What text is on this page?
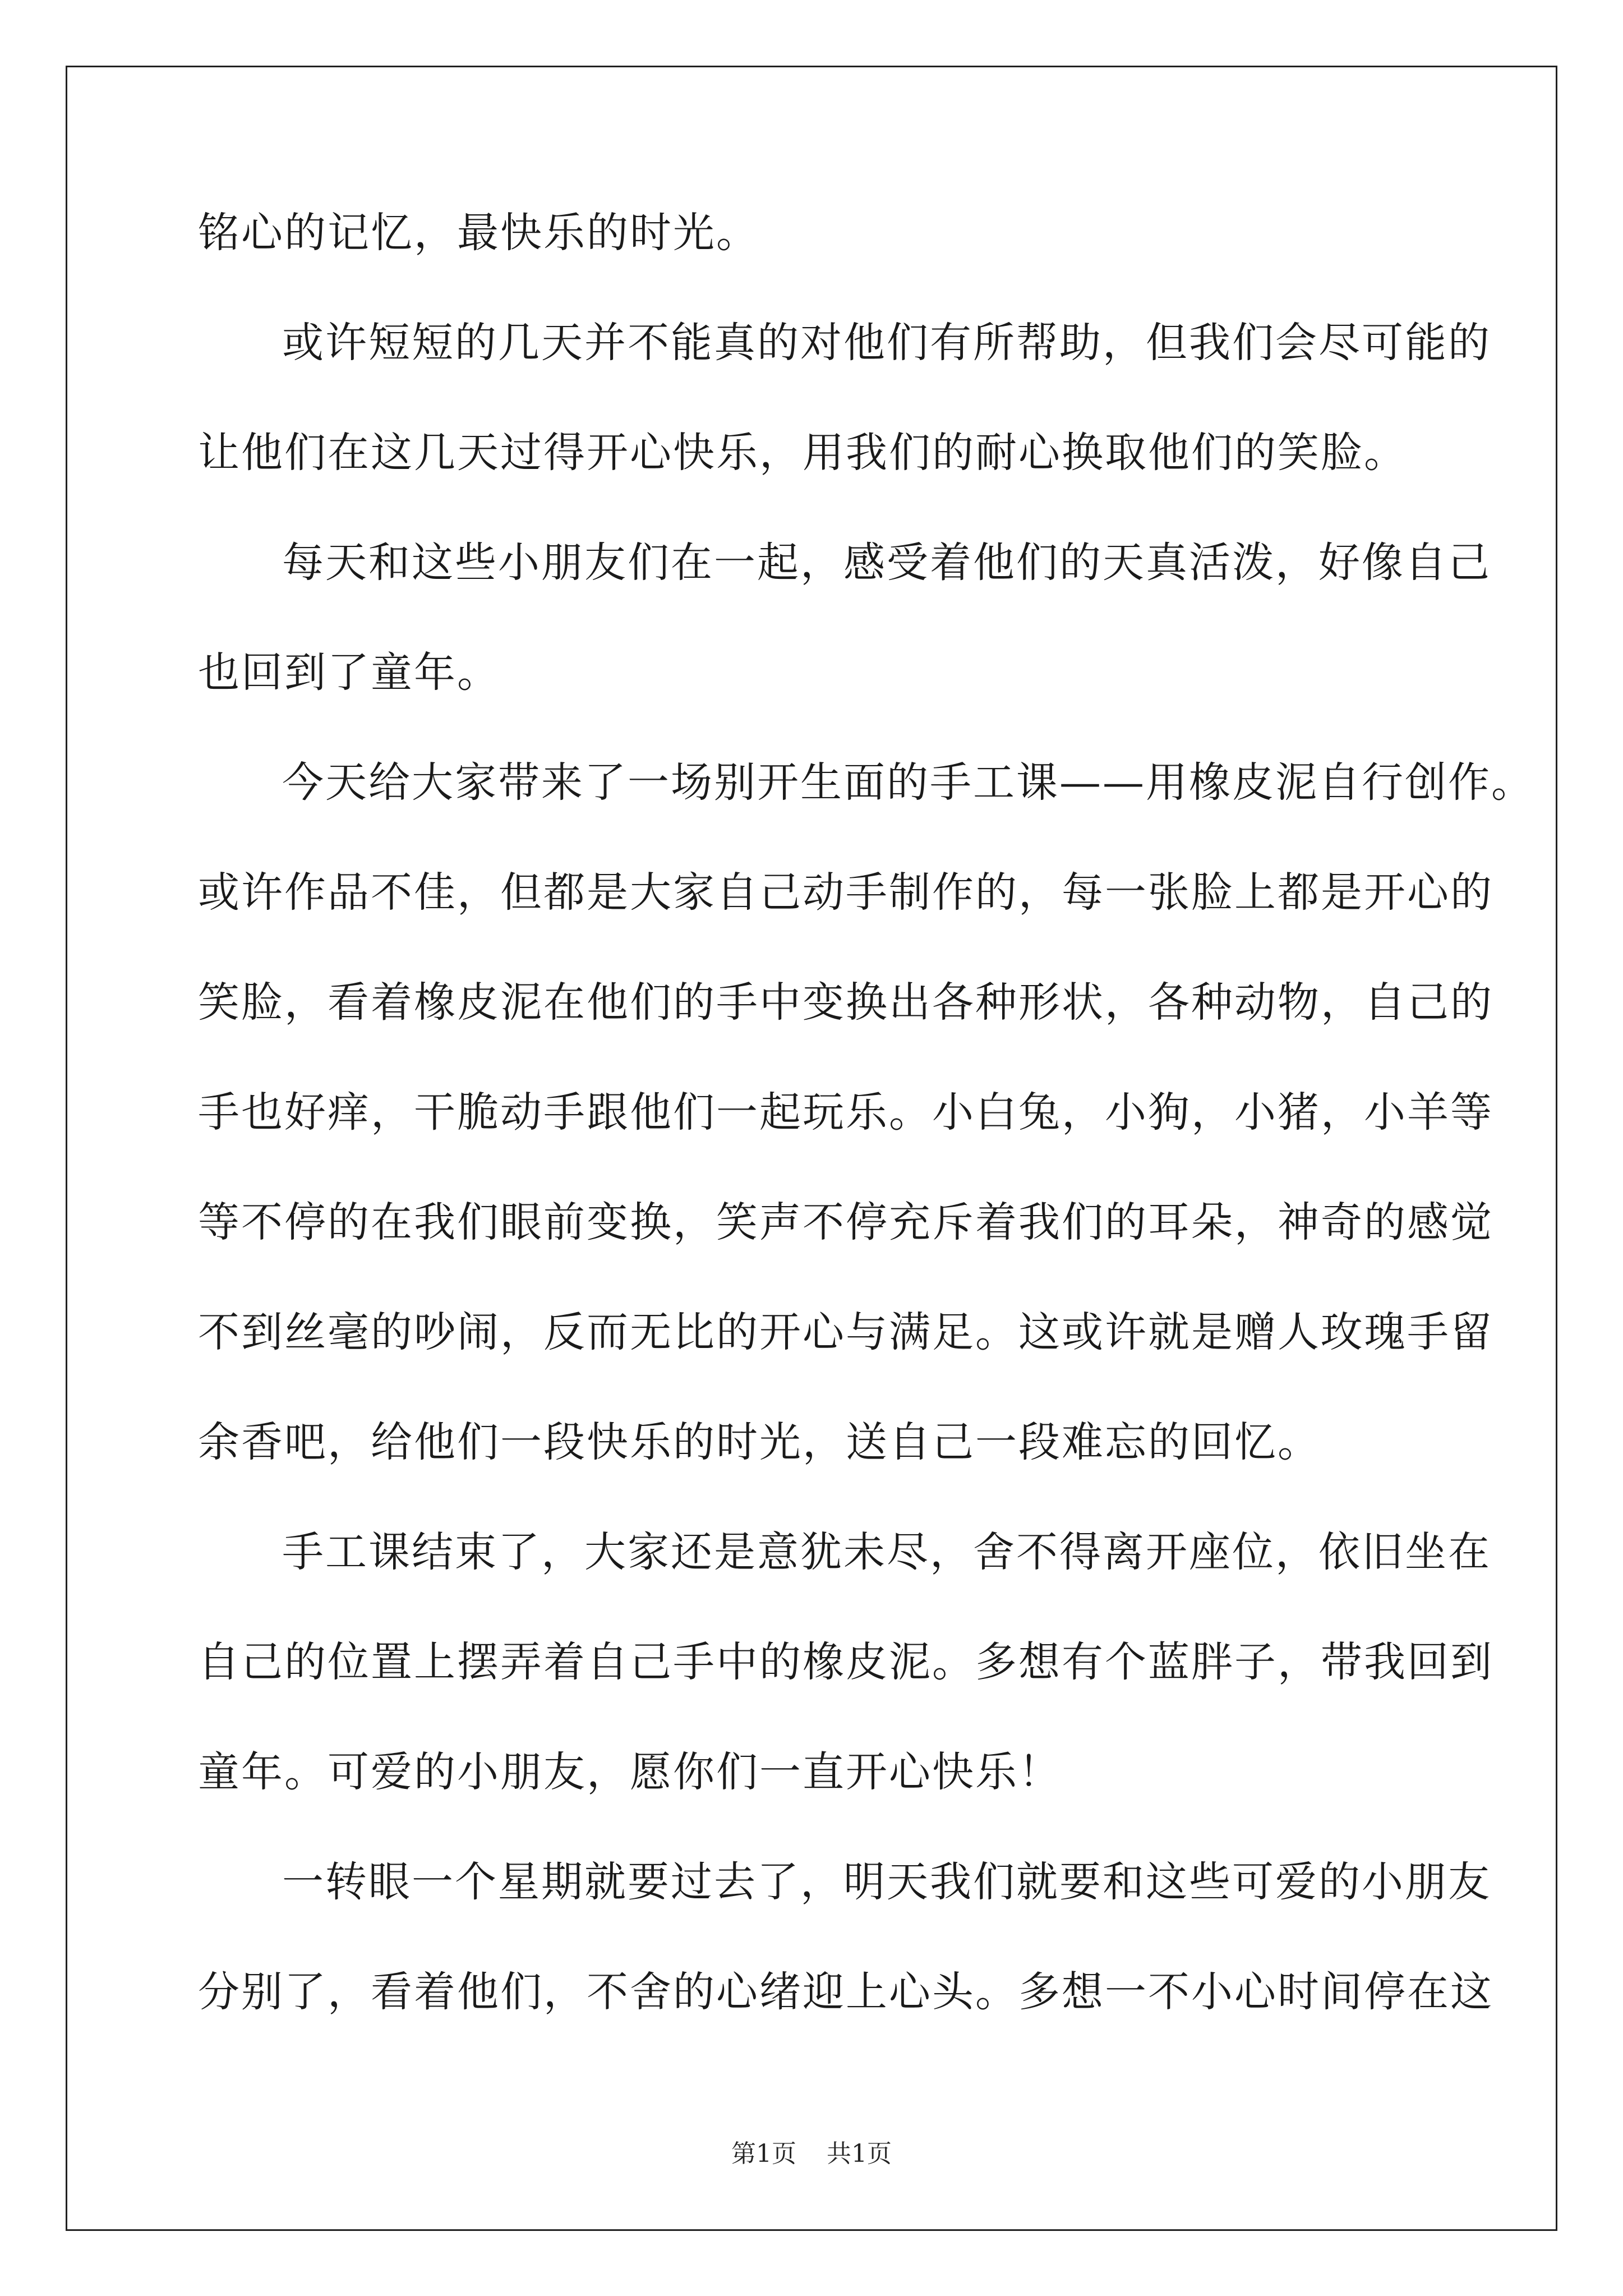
铭心的记忆，最快乐的时光。
或许短短的几天并不能真的对他们有所帮助，但我们会尽可能的
让他们在这几天过得开心快乐，用我们的耐心换取他们的笑脸。
每天和这些小朋友们在一起，感受着他们的天真活泼，好像自己
也回到了童年。
今天给大家带来了一场别开生面的手工课——用橡皮泥自行创作。
或许作品不佳，但都是大家自己动手制作的，每一张脸上都是开心的
笑脸，看着橡皮泥在他们的手中变换出各种形状，各种动物，自己的
手也好痒，干脆动手跟他们一起玩乐。小白兔，小狗，小猪，小羊等
等不停的在我们眼前变换，笑声不停充斥着我们的耳朵，神奇的感觉
不到丝毫的吵闹，反而无比的开心与满足。这或许就是赠人玫瑰手留
余香吧，给他们一段快乐的时光，送自己一段难忘的回忆。
手工课结束了，大家还是意犹未尽，舍不得离开座位，依旧坐在
自己的位置上摆弄着自己手中的橡皮泥。多想有个蓝胖子，带我回到
童年。可爱的小朋友，愿你们一直开心快乐！
一转眼一个星期就要过去了，明天我们就要和这些可爱的小朋友
分别了，看着他们，不舍的心绪迎上心头。多想一不小心时间停在这
第1页 共1页
